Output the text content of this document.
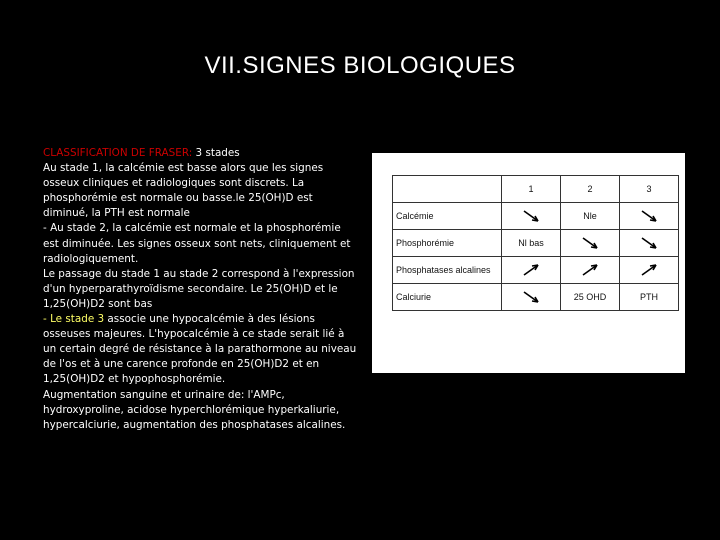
VII.SIGNES BIOLOGIQUES

CLASSIFICATION DE FRASER: 3 stades

Au stade 1, la calcémie est basse alors que les signes osseux cliniques et radiologiques sont discrets. La phosphorémie est normale ou basse.le 25(OH)D est diminué, la PTH est normale

- Au stade 2, la calcémie est normale et la phosphorémie est diminuée. Les signes osseux sont nets, cliniquement et radiologiquement.

Le passage du stade 1 au stade 2 correspond à l'expression d'un hyperparathyroïdisme secondaire. Le 25(OH)D et le 1,25(OH)D2 sont bas

- Le stade 3 associe une hypocalcémie à des lésions osseuses majeures. L'hypocalcémie à ce stade serait lié à un certain degré de résistance à la parathormone au niveau de l'os et à une carence profonde en 25(OH)D2 et en 1,25(OH)D2 et hypophosphorémie.

Augmentation sanguine et urinaire de: l'AMPc, hydroxyproline, acidose hyperchlorémique hyperkaliurie, hypercalciurie, augmentation des phosphatases alcalines.

	1	2	3
Calcémie		Nle	
Phosphorémie	Nl bas		
Phosphatases alcalines			
Calciurie		25 OHD	PTH
